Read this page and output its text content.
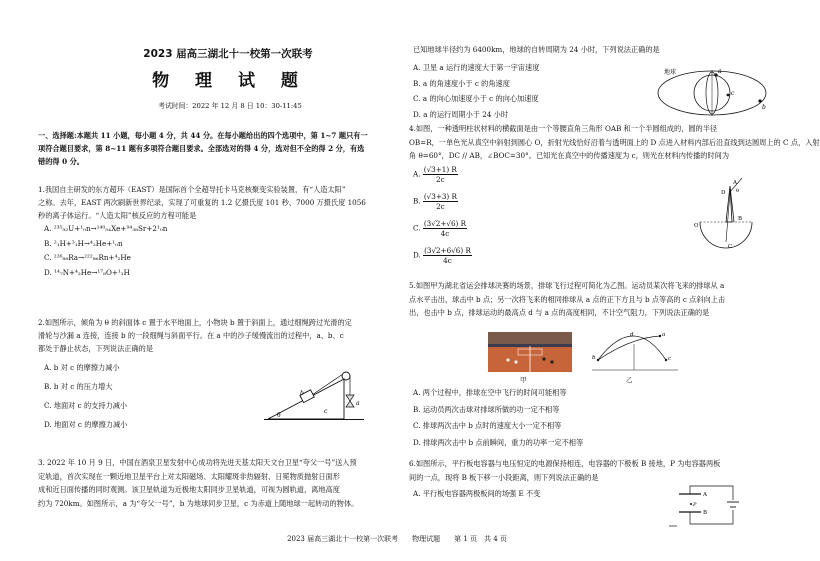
2023 届高三湖北十一校第一次联考
物 理 试 题
考试时间：2022 年 12 月 8 日 10：30-11:45
一、选择题:本题共 11 小题，每小题 4 分，共 44 分。在每小题给出的四个选项中，第 1~7 题只有一
项符合题目要求，第 8~11 题有多项符合题目要求。全部选对的得 4 分，选对但不全的得 2 分，有选
错的得 0 分。
1.我国自主研发的东方超环（EAST）是国际首个全超导托卡马克核聚变实验装置，有“人造太阳”
之称。去年，EAST 两次刷新世界纪录，实现了可重复的 1.2 亿摄氏度 101 秒、7000 万摄氏度 1056
秒的离子体运行。“人造太阳”核反应的方程可能是
A. ²³⁵₉₂U+¹₀n→¹⁴⁰₅₄Xe+⁹⁴₃₈Sr+2¹₀n
B. ²₁H+³₁H→⁴₂He+¹₀n
C. ²²⁶₈₈Ra→²²²₈₆Rn+⁴₂He
D. ¹⁴₇N+⁴₂He→¹⁷₈O+¹₁H
2.如图所示，倾角为 θ 的斜面体 c 置于水平地面上，小物块 b 置于斜面上，通过细绳跨过光滑的定
滑轮与沙漏 a 连接，连接 b 的一段细绳与斜面平行。在 a 中的沙子缓慢流出的过程中，a、b、c
都处于静止状态，下列说法正确的是
A. b 对 c 的摩擦力减小
B. b 对 c 的压力增大
C. 地面对 c 的支持力减小
D. 地面对 c 的摩擦力减小
3. 2022 年 10 月 9 日，中国在酒泉卫星发射中心成功将先进天基太阳天文台卫星“夸父一号”送入预
定轨道，首次实现在一颗近地卫星平台上对太阳磁场、太阳耀斑非热辐射、日冕物质抛射日面形
成和近日面传播的同时观测。该卫星轨道为近极地太阳同步卫星轨道，可视为圆轨道，离地高度
约为 720km。如图所示，a 为“夸父一号”，b 为地球同步卫星，c 为赤道上随地球一起转动的物体。
θ
b
c
a
已知地球半径约为 6400km，地球的自转周期为 24 小时，下列说法正确的是
A. 卫星 a 运行的速度大于第一宇宙速度
B. a 的角速度小于 c 的角速度
C. a 的向心加速度小于 c 的向心加速度
D. a 的运行周期小于 24 小时
4.如图，一种透明柱状材料的横截面是由一个等腰直角三角形 OAB 和一个半圆组成的，圆的半径
OB=R，一单色光从真空中斜射到圆心 O，折射光线恰好沿着与透明面上的 D 点进入材料内部后沿直线到达圆周上的 C 点，入射
角 θ=60°，DC // AB，∠BOC=30°。已知光在真空中的传播速度为 c，则光在材料内传播的时间为
A. $\frac{(√3+1) R}{2c}$
B. $\frac{(√3+3) R}{2c}$
C. $\frac{(3√2+√6) R}{4c}$
D. $\frac{(3√2+6√6) R}{4c}$
5.如图甲为湖北省运会排球决赛的场景，排球飞行过程可简化为乙图。运动员某次将飞来的排球从 a
点水平击出，球击中 b 点；另一次将飞来的相同排球从 a 点的正下方且与 b 点等高的 c 点斜向上击
出，也击中 b 点，排球运动的最高点 d 与 a 点的高度相同，不计空气阻力，下列说法正确的是
A. 两个过程中，排球在空中飞行的时间可能相等
B. 运动员两次击球对排球所做的功一定不相等
C. 排球两次击中 b 点时的速度大小一定不相等
D. 排球两次击中 b 点前瞬间，重力的功率一定不相等
6.如图所示，平行板电容器与电压恒定的电源保持相连，电容器的下极板 B 接地，P 为电容器两板
间的一点，现将 B 板下移一小段距离，则下列说法正确的是
A. 平行板电容器两极板间的场强 E 不变
地球	a
b
c
A
D θ
B
O
C
甲
a
d
b	c
乙
A
P
B
2023 届高三湖北十一校第一次联考　　物理试题　　第 1 页　共 4 页
